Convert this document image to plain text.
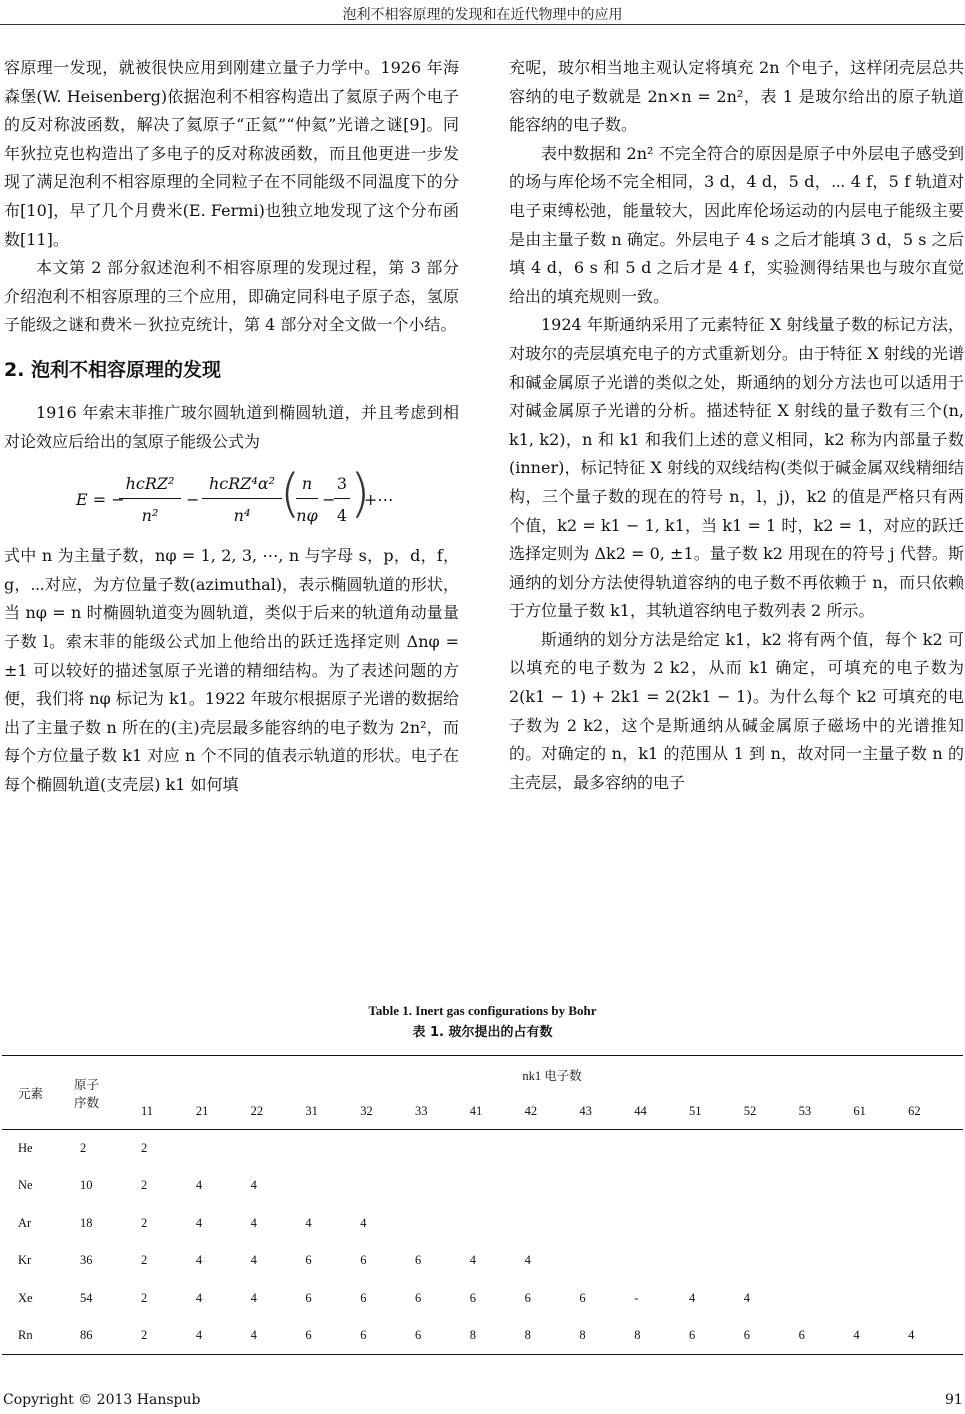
泡利不相容原理的发现和在近代物理中的应用

容原理一发现，就被很快应用到刚建立量子力学中。1926 年海森堡(W. Heisenberg)依据泡利不相容构造出了氦原子两个电子的反对称波函数，解决了氦原子“正氦”“仲氦”光谱之谜[9]。同年狄拉克也构造出了多电子的反对称波函数，而且他更进一步发现了满足泡利不相容原理的全同粒子在不同能级不同温度下的分布[10]，早了几个月费米(E. Fermi)也独立地发现了这个分布函数[11]。

本文第 2 部分叙述泡利不相容原理的发现过程，第 3 部分介绍泡利不相容原理的三个应用，即确定同科电子原子态，氢原子能级之谜和费米－狄拉克统计，第 4 部分对全文做一个小结。

2. 泡利不相容原理的发现

1916 年索末菲推广玻尔圆轨道到椭圆轨道，并且考虑到相对论效应后给出的氢原子能级公式为

E = −
hcRZ²
n²
−
hcRZ⁴α²
n⁴ ( n
nφ
−
3
4 )
+⋯

式中 n 为主量子数，nφ = 1, 2, 3, ⋯, n 与字母 s，p，d，f，g，⋯对应，为方位量子数(azimuthal)，表示椭圆轨道的形状，当 nφ = n 时椭圆轨道变为圆轨道，类似于后来的轨道角动量量子数 l。索末菲的能级公式加上他给出的跃迁选择定则 Δnφ = ±1 可以较好的描述氢原子光谱的精细结构。为了表述问题的方便，我们将 nφ 标记为 k1。1922 年玻尔根据原子光谱的数据给出了主量子数 n 所在的(主)壳层最多能容纳的电子数为 2n²，而每个方位量子数 k1 对应 n 个不同的值表示轨道的形状。电子在每个椭圆轨道(支壳层) k1 如何填

充呢，玻尔相当地主观认定将填充 2n 个电子，这样闭壳层总共容纳的电子数就是 2n×n = 2n²，表 1 是玻尔给出的原子轨道能容纳的电子数。

表中数据和 2n² 不完全符合的原因是原子中外层电子感受到的场与库伦场不完全相同，3 d，4 d，5 d，⋯ 4 f，5 f 轨道对电子束缚松弛，能量较大，因此库伦场运动的内层电子能级主要是由主量子数 n 确定。外层电子 4 s 之后才能填 3 d，5 s 之后填 4 d，6 s 和 5 d 之后才是 4 f，实验测得结果也与玻尔直觉给出的填充规则一致。

1924 年斯通纳采用了元素特征 X 射线量子数的标记方法，对玻尔的壳层填充电子的方式重新划分。由于特征 X 射线的光谱和碱金属原子光谱的类似之处，斯通纳的划分方法也可以适用于对碱金属原子光谱的分析。描述特征 X 射线的量子数有三个(n, k1, k2)，n 和 k1 和我们上述的意义相同，k2 称为内部量子数(inner)，标记特征 X 射线的双线结构(类似于碱金属双线精细结构，三个量子数的现在的符号 n，l，j)，k2 的值是严格只有两个值，k2 = k1 − 1, k1，当 k1 = 1 时，k2 = 1，对应的跃迁选择定则为 Δk2 = 0, ±1。量子数 k2 用现在的符号 j 代替。斯通纳的划分方法使得轨道容纳的电子数不再依赖于 n，而只依赖于方位量子数 k1，其轨道容纳电子数列表 2 所示。

斯通纳的划分方法是给定 k1，k2 将有两个值，每个 k2 可以填充的电子数为 2 k2，从而 k1 确定，可填充的电子数为 2(k1 − 1) + 2k1 = 2(2k1 − 1)。为什么每个 k2 可填充的电子数为 2 k2，这个是斯通纳从碱金属原子磁场中的光谱推知的。对确定的 n，k1 的范围从 1 到 n，故对同一主量子数 n 的主壳层，最多容纳的电子

Table 1. Inert gas configurations by Bohr
表 1. 玻尔提出的占有数
元素	原子
序数	nk1 电子数														
		11	21	22	31	32	33	41	42	43	44	51	52	53	61	62
He	2	2														
Ne	10	2	4	4												
Ar	18	2	4	4	4	4										
Kr	36	2	4	4	6	6	6	4	4							
Xe	54	2	4	4	6	6	6	6	6	6	-	4	4			
Rn	86	2	4	4	6	6	6	8	8	8	8	6	6	6	4	4
Copyright © 2013 Hanspub	91
